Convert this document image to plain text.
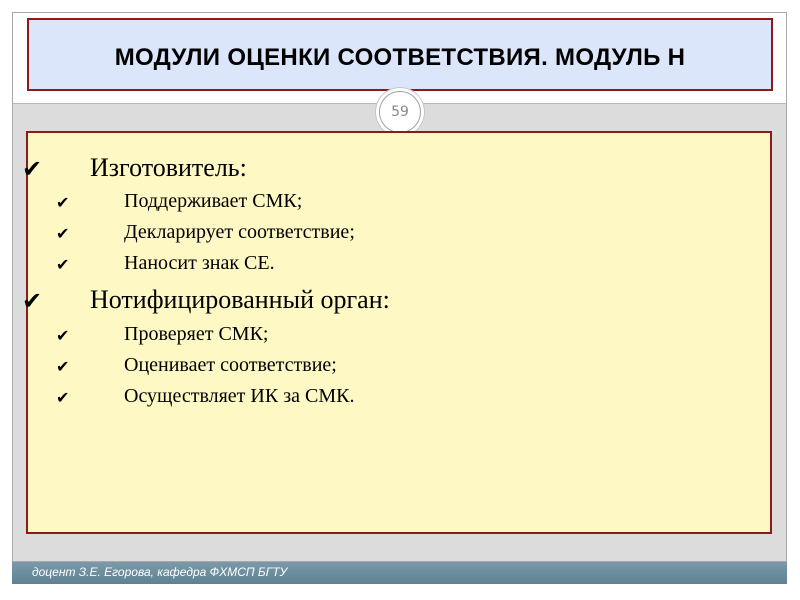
МОДУЛИ ОЦЕНКИ СООТВЕТСТВИЯ. МОДУЛЬ H
59
✔ Изготовитель:
✔	Поддерживает СМК;
✔	Декларирует соответствие;
✔	Наносит знак СЕ.
✔ Нотифицированный орган:
✔	Проверяет СМК;
✔	Оценивает соответствие;
✔	Осуществляет ИК за СМК.
доцент З.Е. Егорова, кафедра ФХМСП БГТУ
